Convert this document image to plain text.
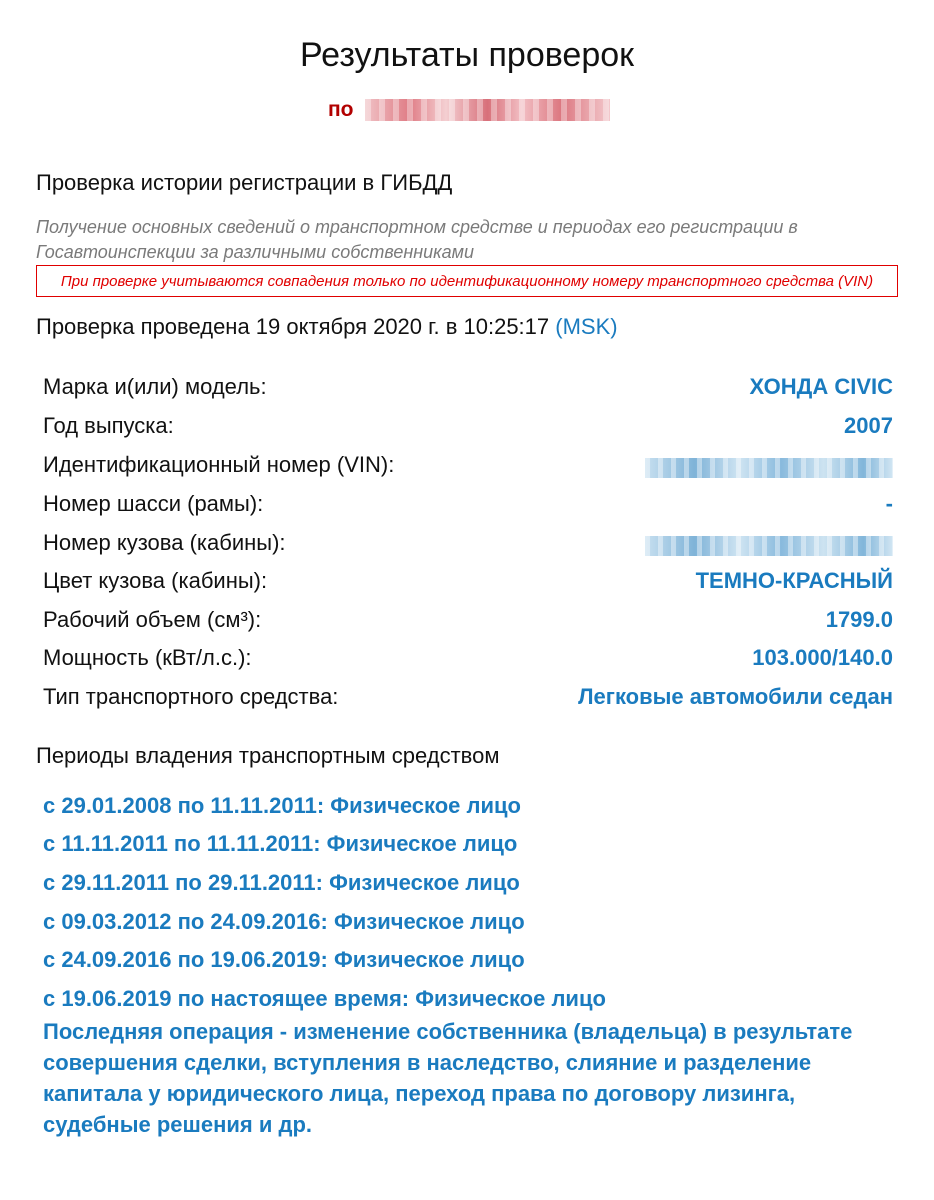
Результаты проверок
по
Проверка истории регистрации в ГИБДД
Получение основных сведений о транспортном средстве и периодах его регистрации в Госавтоинспекции за различными собственниками
При проверке учитываются совпадения только по идентификационному номеру транспортного средства (VIN)
Проверка проведена 19 октября 2020 г. в 10:25:17 (MSK)
Марка и(или) модель:	ХОНДА CIVIC
Год выпуска:	2007
Идентификационный номер (VIN):
Номер шасси (рамы):	-
Номер кузова (кабины):
Цвет кузова (кабины):	ТЕМНО-КРАСНЫЙ
Рабочий объем (см³):	1799.0
Мощность (кВт/л.с.):	103.000/140.0
Тип транспортного средства:	Легковые автомобили седан
Периоды владения транспортным средством
с 29.01.2008 по 11.11.2011: Физическое лицо
с 11.11.2011 по 11.11.2011: Физическое лицо
с 29.11.2011 по 29.11.2011: Физическое лицо
с 09.03.2012 по 24.09.2016: Физическое лицо
с 24.09.2016 по 19.06.2019: Физическое лицо
с 19.06.2019 по настоящее время: Физическое лицо
Последняя операция - изменение собственника (владельца) в результате совершения сделки, вступления в наследство, слияние и разделение капитала у юридического лица, переход права по договору лизинга, судебные решения и др.
